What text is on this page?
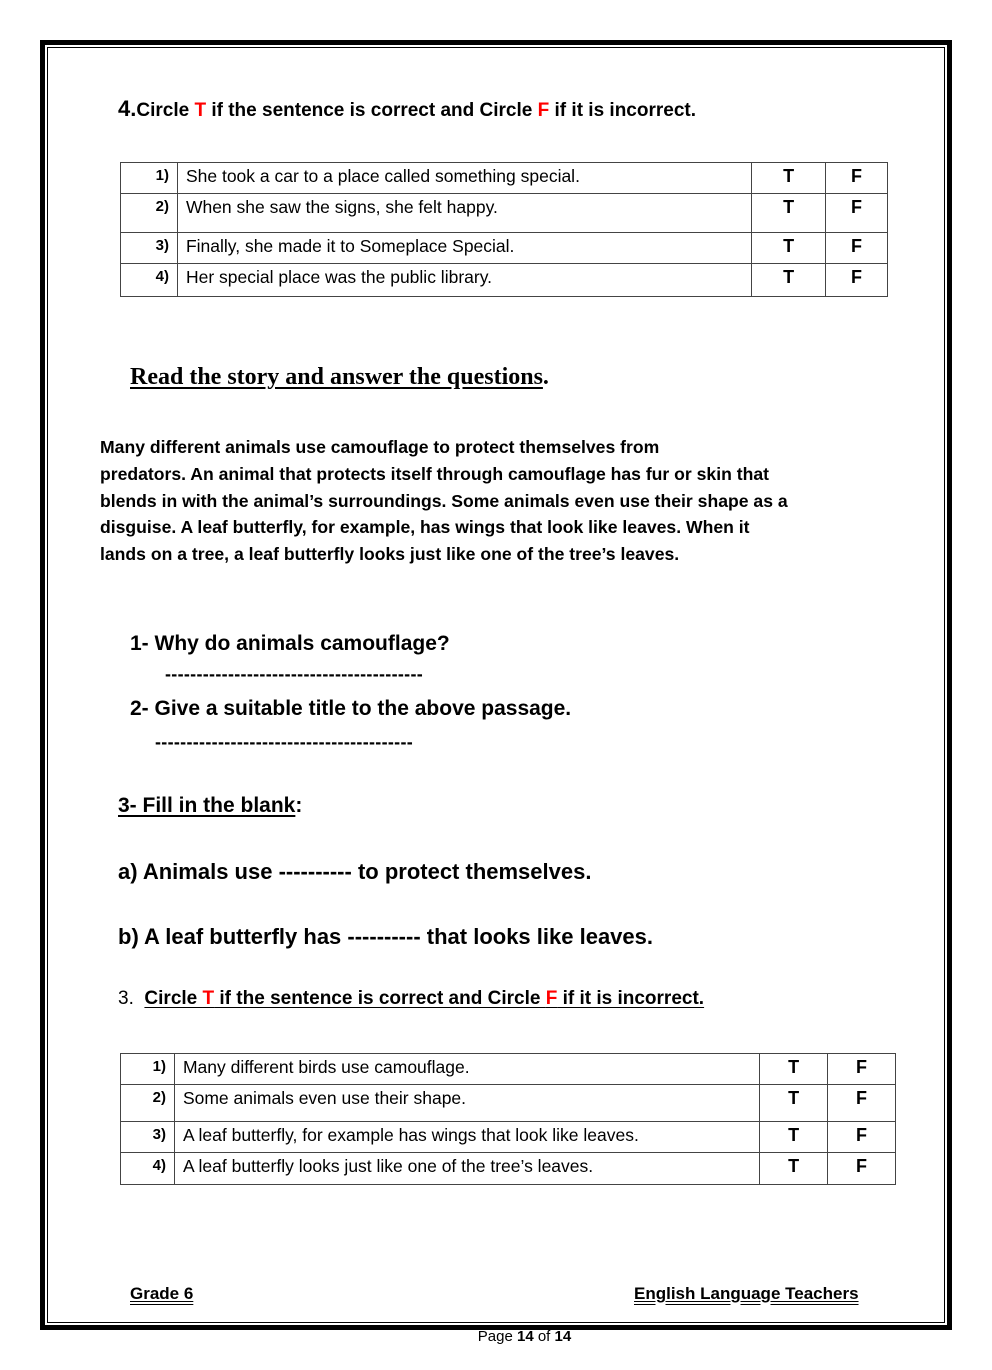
4.Circle T if the sentence is correct and Circle F if it is incorrect.
1)	She took a car to a place called something special.	T	F
2)	When she saw the signs, she felt happy.	T	F
3)	Finally, she made it to Someplace Special.	T	F
4)	Her special place was the public library.	T	F
Read the story and answer the questions.

Many different animals use camouflage to protect themselves from

predators. An animal that protects itself through camouflage has fur or skin that

blends in with the animal’s surroundings. Some animals even use their shape as a

disguise. A leaf butterfly, for example, has wings that look like leaves. When it

lands on a tree, a leaf butterfly looks just like one of the tree’s leaves.

1- Why do animals camouflage?
-----------------------------------------
2- Give a suitable title to the above passage.
-----------------------------------------
3- Fill in the blank:
a) Animals use ---------- to protect themselves.
b) A leaf butterfly has ---------- that looks like leaves.
3. Circle T if the sentence is correct and Circle F if it is incorrect.
1)	Many different birds use camouflage.	T	F
2)	Some animals even use their shape.	T	F
3)	A leaf butterfly, for example has wings that look like leaves.	T	F
4)	A leaf butterfly looks just like one of the tree’s leaves.	T	F
Grade 6	English Language Teachers
Page 14 of 14
